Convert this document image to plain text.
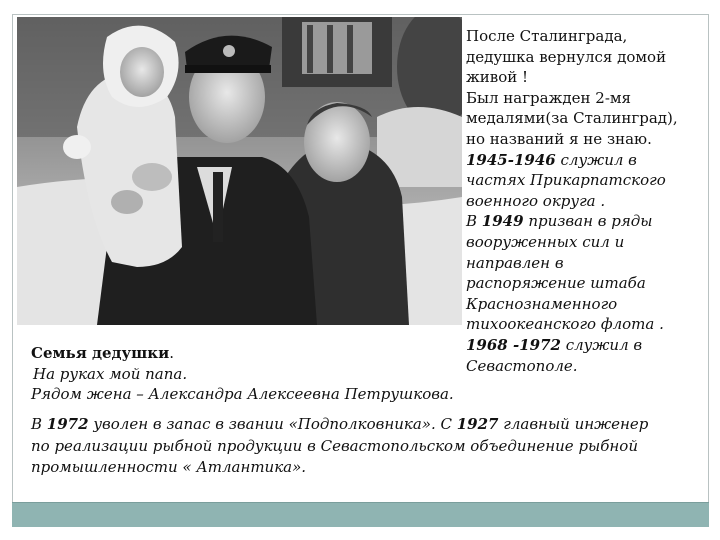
После Сталинграда,

дедушка вернулся домой

живой !

Был награжден 2-мя

медалями(за Сталинград),

но названий я не знаю.

1945-1946 служил в

частях Прикарпатского

военного округа .

В 1949 призван в ряды

вооруженных сил и

направлен в

распоряжение штаба

Краснознаменного

тихоокеанского флота .

1968 -1972 служил в

Севастополе.

Семья дедушки.
На руках мой папа.
Рядом жена – Александра Алексеевна Петрушкова.

В 1972 уволен в запас в звании «Подполковника». С 1927 главный инженер

по реализации рыбной продукции в Севастопольском объединение рыбной

промышленности « Атлантика».
